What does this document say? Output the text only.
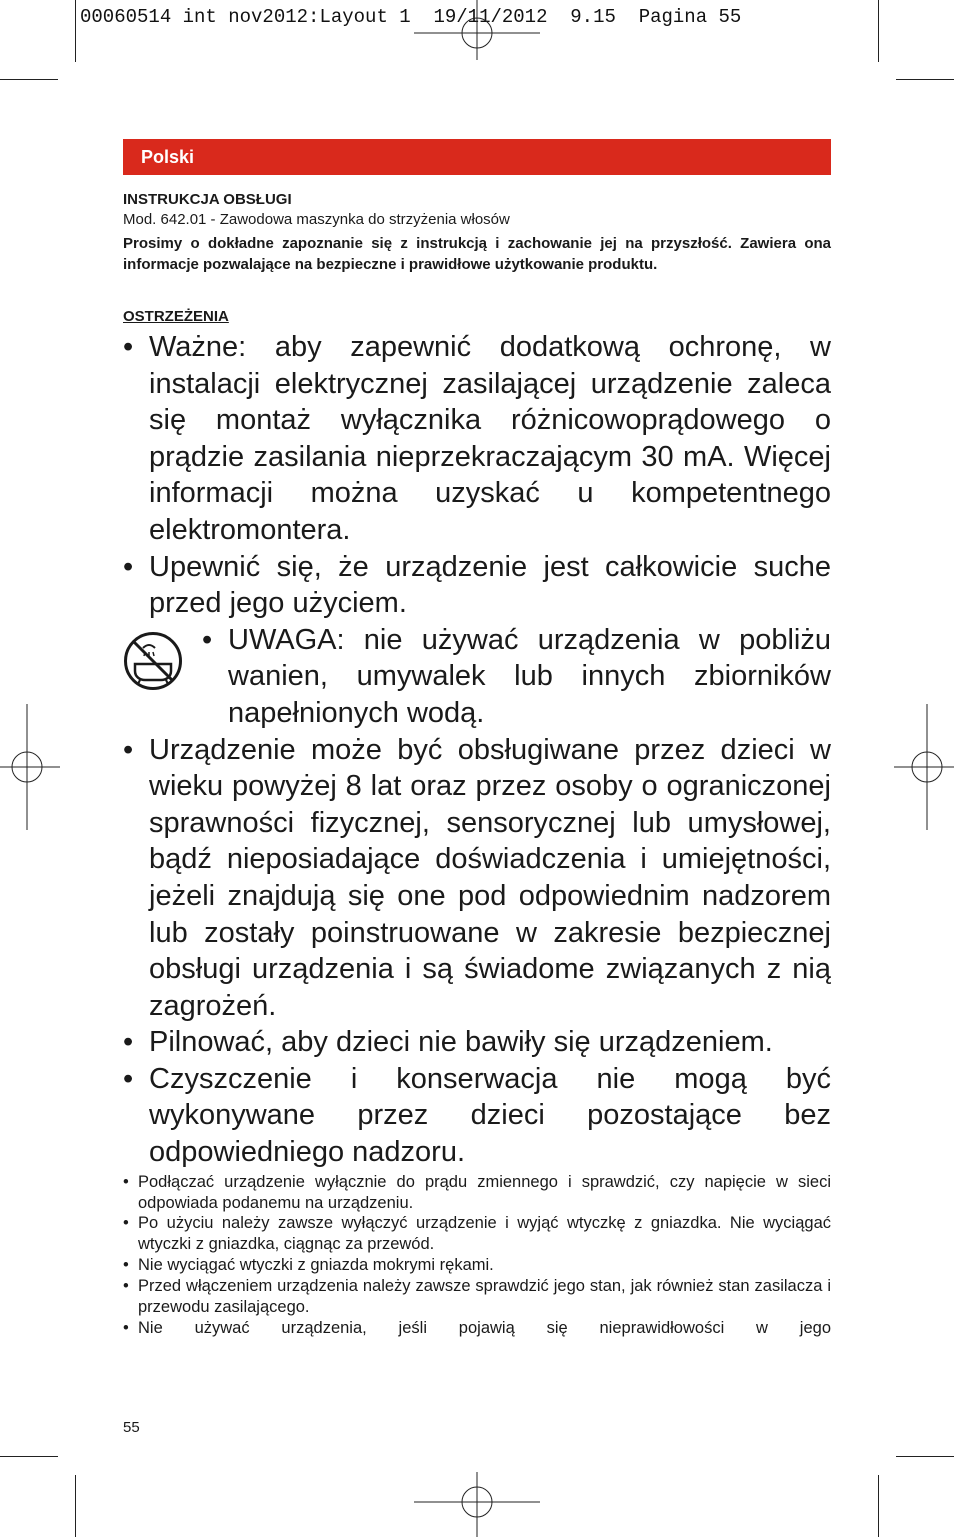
00060514 int nov2012:Layout 1  19/11/2012  9.15  Pagina 55
Polski
INSTRUKCJA OBSŁUGI
Mod. 642.01 - Zawodowa maszynka do strzyżenia włosów
Prosimy o dokładne zapoznanie się z instrukcją i zachowanie jej na przyszłość. Zawiera ona informacje pozwalające na bezpieczne i prawidłowe użytkowanie produktu.
OSTRZEŻENIA
• Ważne: aby zapewnić dodatkową ochronę, w instalacji elektrycznej zasilającej urządzenie zaleca się montaż wyłącznika różnicowoprądowego o prądzie zasilania nieprzekraczającym 30 mA. Więcej informacji można uzyskać u kompetentnego elektromontera.
• Upewnić się, że urządzenie jest całkowicie suche przed jego użyciem.
• UWAGA: nie używać urządzenia w pobliżu wanien, umywalek lub innych zbiorników napełnionych wodą.
• Urządzenie może być obsługiwane przez dzieci w wieku powyżej 8 lat oraz przez osoby o ograniczonej sprawności fizycznej, sensorycznej lub umysłowej, bądź nieposiadające doświadczenia i umiejętności, jeżeli znajdują się one pod odpowiednim nadzorem lub zostały poinstruowane w zakresie bezpiecznej obsługi urządzenia i są świadome związanych z nią zagrożeń.
• Pilnować, aby dzieci nie bawiły się urządzeniem.
• Czyszczenie i konserwacja nie mogą być wykonywane przez dzieci pozostające bez odpowiedniego nadzoru.
• Podłączać urządzenie wyłącznie do prądu zmiennego i sprawdzić, czy napięcie w sieci odpowiada podanemu na urządzeniu.
• Po użyciu należy zawsze wyłączyć urządzenie i wyjąć wtyczkę z gniazdka. Nie wyciągać wtyczki z gniazdka, ciągnąc za przewód.
• Nie wyciągać wtyczki z gniazda mokrymi rękami.
• Przed włączeniem urządzenia należy zawsze sprawdzić jego stan, jak również stan zasilacza i przewodu zasilającego.
• Nie używać urządzenia, jeśli pojawią się nieprawidłowości w jego
55
